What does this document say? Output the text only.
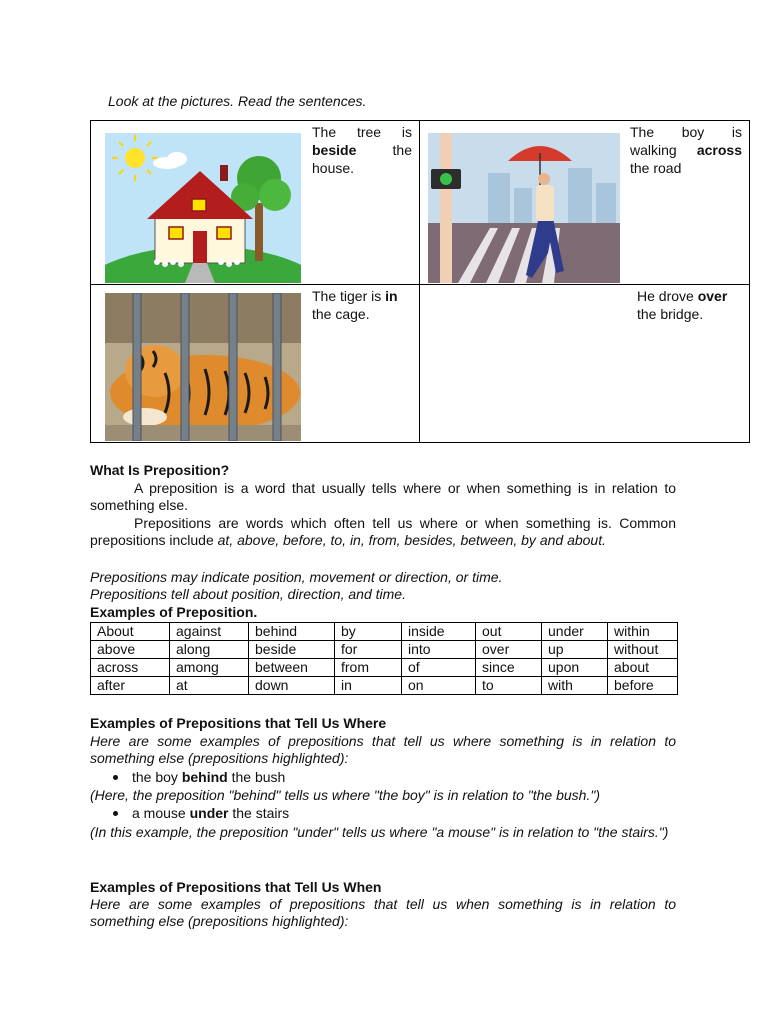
Look at the pictures. Read the sentences.
The tree is beside the house.	The boy is walking across the road

The tiger is in the cage.	He drove over the bridge.
What Is Preposition?
A preposition is a word that usually tells where or when something is in relation to something else.
Prepositions are words which often tell us where or when something is. Common prepositions include at, above, before, to, in, from, besides, between, by and about.
Prepositions may indicate position, movement or direction, or time.
Prepositions tell about position, direction, and time.
Examples of Preposition.
About	against	behind	by	inside	out	under	within
above	along	beside	for	into	over	up	without
across	among	between	from	of	since	upon	about
after	at	down	in	on	to	with	before
Examples of Prepositions that Tell Us Where
Here are some examples of prepositions that tell us where something is in relation to something else (prepositions highlighted):
the boy behind the bush
(Here, the preposition "behind" tells us where "the boy" is in relation to "the bush.")
a mouse under the stairs
(In this example, the preposition "under" tells us where "a mouse" is in relation to "the stairs.")
Examples of Prepositions that Tell Us When
Here are some examples of prepositions that tell us when something is in relation to something else (prepositions highlighted):
